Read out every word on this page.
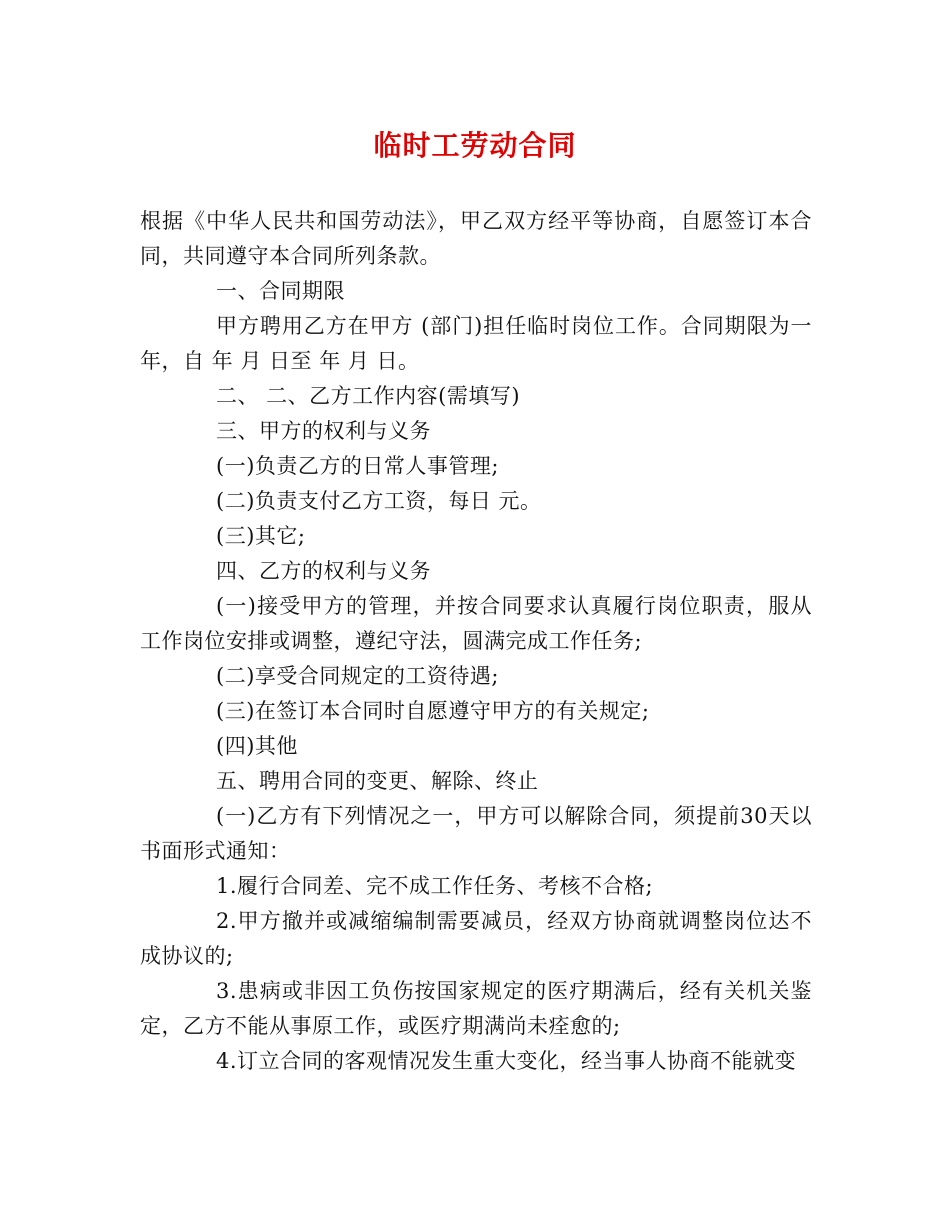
临时工劳动合同

根据《中华人民共和国劳动法》，甲乙双方经平等协商，自愿签订本合同，共同遵守本合同所列条款。

一、合同期限

甲方聘用乙方在甲方 (部门)担任临时岗位工作。合同期限为一年，自 年 月 日至 年 月 日。

二、 二、乙方工作内容(需填写)

三、甲方的权利与义务

(一)负责乙方的日常人事管理;

(二)负责支付乙方工资，每日 元。

(三)其它;

四、乙方的权利与义务

(一)接受甲方的管理，并按合同要求认真履行岗位职责，服从工作岗位安排或调整，遵纪守法，圆满完成工作任务;

(二)享受合同规定的工资待遇;

(三)在签订本合同时自愿遵守甲方的有关规定;

(四)其他

五、聘用合同的变更、解除、终止

(一)乙方有下列情况之一，甲方可以解除合同，须提前30天以书面形式通知：

1.履行合同差、完不成工作任务、考核不合格;

2.甲方撤并或减缩编制需要减员，经双方协商就调整岗位达不成协议的;

3.患病或非因工负伤按国家规定的医疗期满后，经有关机关鉴定，乙方不能从事原工作，或医疗期满尚未痊愈的;

4.订立合同的客观情况发生重大变化，经当事人协商不能就变
